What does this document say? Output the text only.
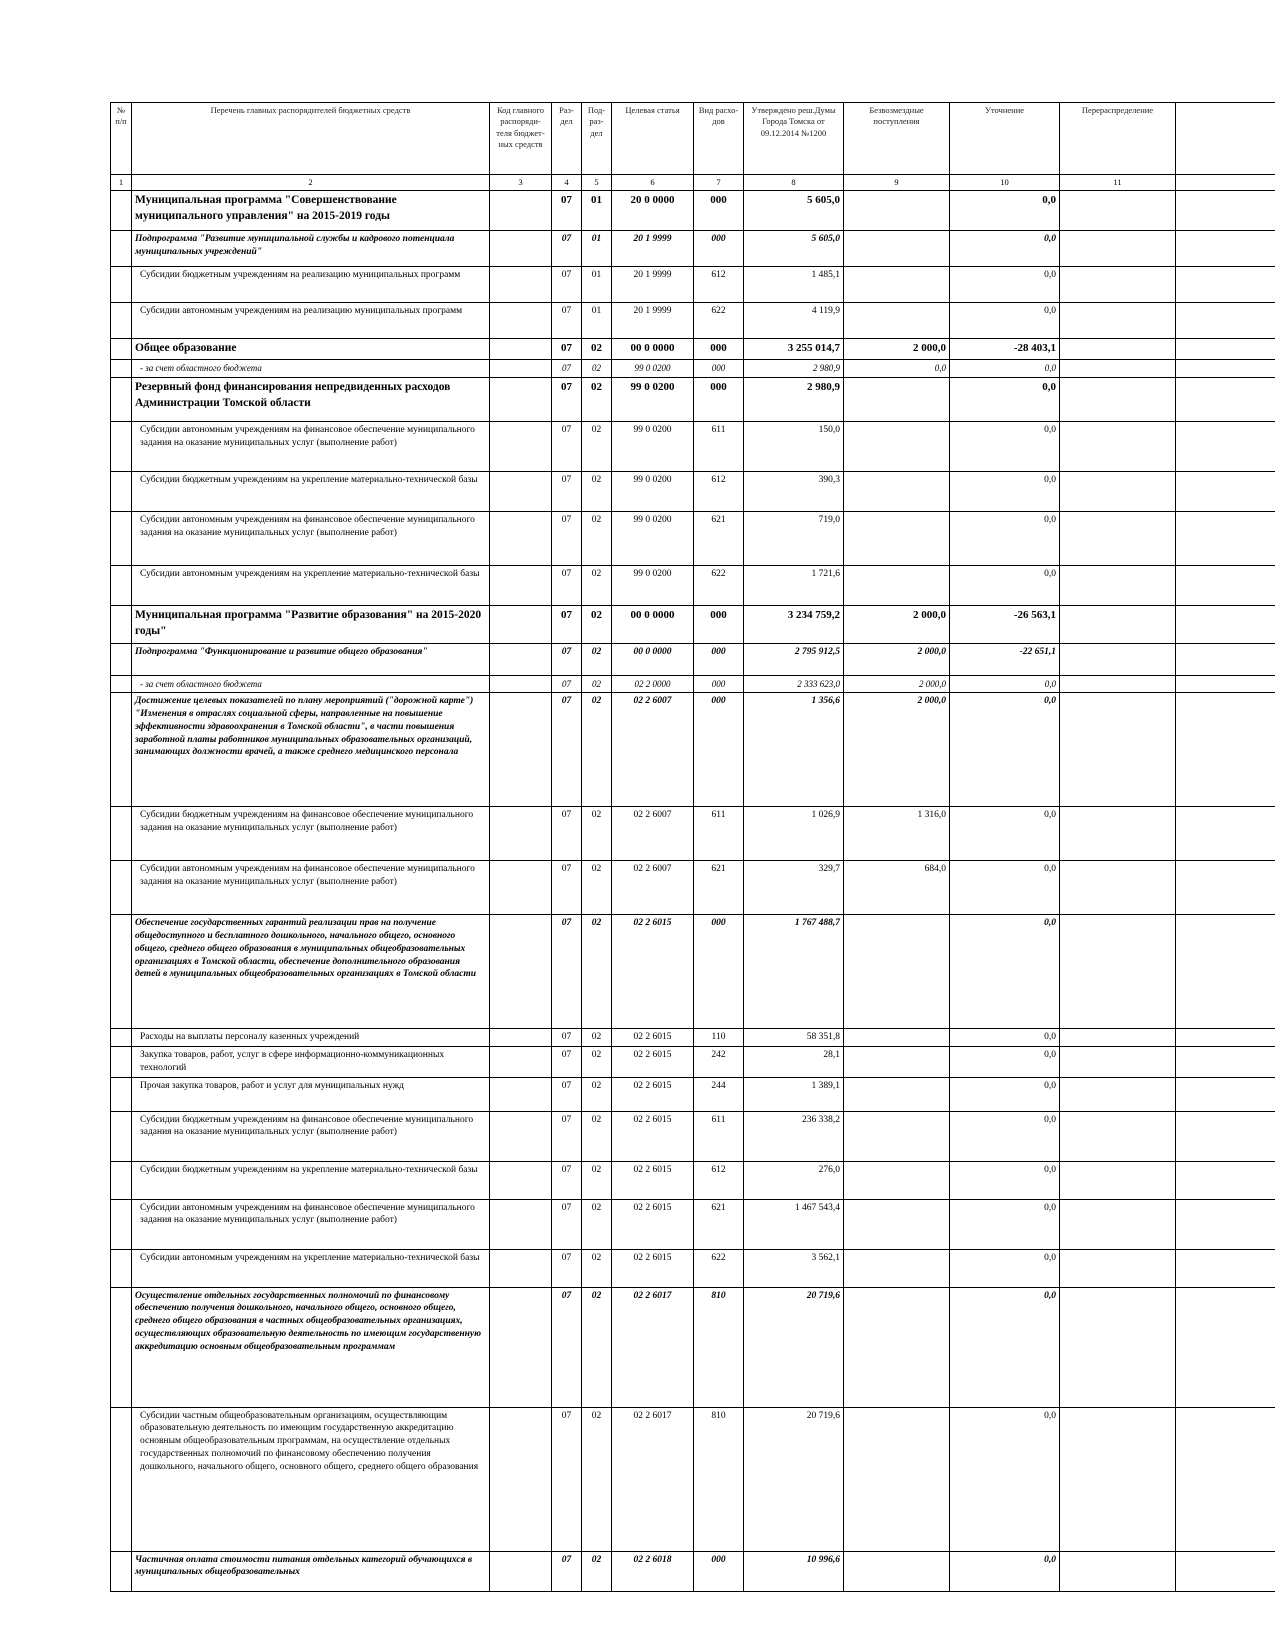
№ п/п	Перечень главных распорядителей бюджетных средств	Код главного распоряди-теля бюджет-ных средств	Раз-дел	Под-раз-дел	Целевая статья	Вид расхо-дов	Утверждено реш.Думы Города Томска от 09.12.2014 №1200	Безвозмездные поступления	Уточнение	Перераспределение	
1	2	3	4	5	6	7	8	9	10	11	
	Муниципальная программа "Совершенствование муниципального управления" на 2015-2019 годы		07	01	20 0 0000	000	5 605,0		0,0		
	Подпрограмма "Развитие муниципальной службы и кадрового потенциала муниципальных учреждений"		07	01	20 1 9999	000	5 605,0		0,0		
	Субсидии бюджетным учреждениям на реализацию муниципальных программ		07	01	20 1 9999	612	1 485,1		0,0		
	Субсидии автономным учреждениям на реализацию муниципальных программ		07	01	20 1 9999	622	4 119,9		0,0		
	Общее образование		07	02	00 0 0000	000	3 255 014,7	2 000,0	-28 403,1		
	- за счет областного бюджета		07	02	99 0 0200	000	2 980,9	0,0	0,0		
	Резервный фонд финансирования непредвиденных расходов Администрации Томской области		07	02	99 0 0200	000	2 980,9		0,0		
	Субсидии автономным учреждениям на финансовое обеспечение муниципального задания на оказание муниципальных услуг (выполнение работ)		07	02	99 0 0200	611	150,0		0,0		
	Субсидии бюджетным учреждениям на укрепление материально-технической базы		07	02	99 0 0200	612	390,3		0,0		
	Субсидии автономным учреждениям на финансовое обеспечение муниципального задания на оказание муниципальных услуг (выполнение работ)		07	02	99 0 0200	621	719,0		0,0		
	Субсидии автономным учреждениям на укрепление материально-технической базы		07	02	99 0 0200	622	1 721,6		0,0		
	Муниципальная программа "Развитие образования" на 2015-2020 годы"		07	02	00 0 0000	000	3 234 759,2	2 000,0	-26 563,1		
	Подпрограмма "Функционирование и развитие общего образования"		07	02	00 0 0000	000	2 795 912,5	2 000,0	-22 651,1		
	- за счет областного бюджета		07	02	02 2 0000	000	2 333 623,0	2 000,0	0,0		
	Достижение целевых показателей по плану мероприятий ("дорожной карте") "Изменения в отраслях социальной сферы, направленные на повышение эффективности здравоохранения в Томской области", в части повышения заработной платы работников муниципальных образовательных организаций, занимающих должности врачей, а также среднего медицинского персонала		07	02	02 2 6007	000	1 356,6	2 000,0	0,0		
	Субсидии бюджетным учреждениям на финансовое обеспечение муниципального задания на оказание муниципальных услуг (выполнение работ)		07	02	02 2 6007	611	1 026,9	1 316,0	0,0		
	Субсидии автономным учреждениям на финансовое обеспечение муниципального задания на оказание муниципальных услуг (выполнение работ)		07	02	02 2 6007	621	329,7	684,0	0,0		
	Обеспечение государственных гарантий реализации прав на получение общедоступного и бесплатного дошкольного, начального общего, основного общего, среднего общего образования в муниципальных общеобразовательных организациях в Томской области, обеспечение дополнительного образования детей в муниципальных общеобразовательных организациях в Томской области		07	02	02 2 6015	000	1 767 488,7		0,0		
	Расходы на выплаты персоналу казенных учреждений		07	02	02 2 6015	110	58 351,8		0,0		
	Закупка товаров, работ, услуг в сфере информационно-коммуникационных технологий		07	02	02 2 6015	242	28,1		0,0		
	Прочая закупка товаров, работ и услуг для муниципальных нужд		07	02	02 2 6015	244	1 389,1		0,0		
	Субсидии бюджетным учреждениям на финансовое обеспечение муниципального задания на оказание муниципальных услуг (выполнение работ)		07	02	02 2 6015	611	236 338,2		0,0		
	Субсидии бюджетным учреждениям на укрепление материально-технической базы		07	02	02 2 6015	612	276,0		0,0		
	Субсидии автономным учреждениям на финансовое обеспечение муниципального задания на оказание муниципальных услуг (выполнение работ)		07	02	02 2 6015	621	1 467 543,4		0,0		
	Субсидии автономным учреждениям на укрепление материально-технической базы		07	02	02 2 6015	622	3 562,1		0,0		
	Осуществление отдельных государственных полномочий по финансовому обеспечению получения дошкольного, начального общего, основного общего, среднего общего образования в частных общеобразовательных организациях, осуществляющих образовательную деятельность по имеющим государственную аккредитацию основным общеобразовательным программам		07	02	02 2 6017	810	20 719,6		0,0		
	Субсидии частным общеобразовательным организациям, осуществляющим образовательную деятельность по имеющим государственную аккредитацию основным общеобразовательным программам, на осуществление отдельных государственных полномочий по финансовому обеспечению получения дошкольного, начального общего, основного общего, среднего общего образования		07	02	02 2 6017	810	20 719,6		0,0		
	Частичная оплата стоимости питания отдельных категорий обучающихся в муниципальных общеобразовательных		07	02	02 2 6018	000	10 996,6		0,0		
